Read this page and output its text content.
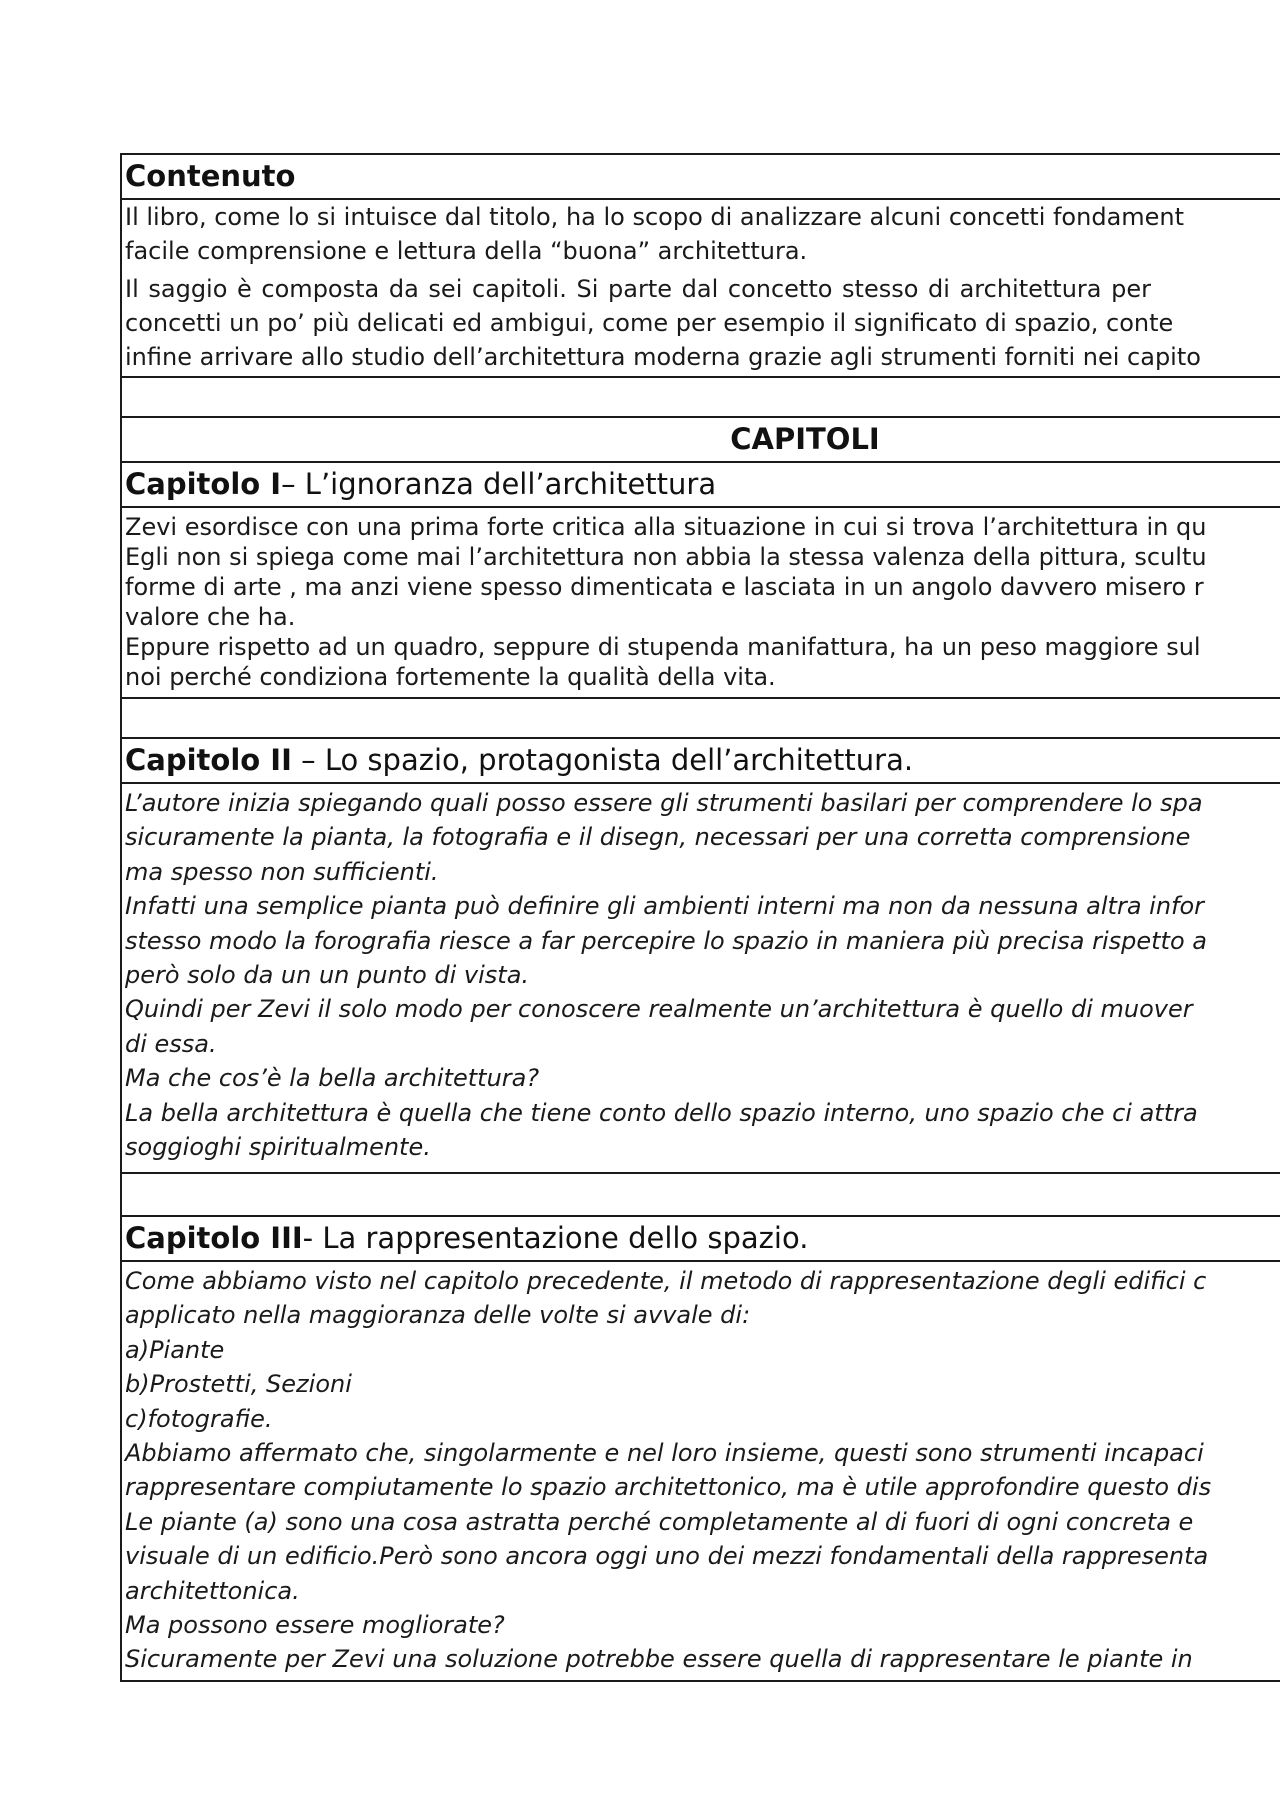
Contenuto

Il libro, come lo si intuisce dal titolo, ha lo scopo di analizzare alcuni concetti fondament

facile comprensione e lettura della “buona” architettura.

Il saggio è composta da sei capitoli. Si parte dal concetto stesso di architettura per

concetti un po’ più delicati ed ambigui, come per esempio il significato di spazio, conte

infine arrivare allo studio dell’architettura moderna grazie agli strumenti forniti nei capito

CAPITOLI
Capitolo I– L’ignoranza dell’architettura

Zevi esordisce con una prima forte critica alla situazione in cui si trova l’architettura in qu

Egli non si spiega come mai l’architettura non abbia la stessa valenza della pittura, scultu

forme di arte , ma anzi viene spesso dimenticata e lasciata in un angolo davvero misero r

valore che ha.

Eppure rispetto ad un quadro, seppure di stupenda manifattura, ha un peso maggiore sul

noi perché condiziona fortemente la qualità della vita.

Capitolo II – Lo spazio, protagonista dell’architettura.

L’autore inizia spiegando quali posso essere gli strumenti basilari per comprendere lo spa

sicuramente la pianta, la fotografia e il disegn, necessari per una corretta comprensione

ma spesso non sufficienti.

Infatti una semplice pianta può definire gli ambienti interni ma non da nessuna altra infor

stesso modo la forografia riesce a far percepire lo spazio in maniera più precisa rispetto a

però solo da un un punto di vista.

Quindi per Zevi il solo modo per conoscere realmente un’architettura è quello di muover

di essa.

Ma che cos’è la bella architettura?

La bella architettura è quella che tiene conto dello spazio interno, uno spazio che ci attra

soggioghi spiritualmente.

Capitolo III- La rappresentazione dello spazio.

Come abbiamo visto nel capitolo precedente, il metodo di rappresentazione degli edifici c

applicato nella maggioranza delle volte si avvale di:

a)Piante

b)Prostetti, Sezioni

c)fotografie.

Abbiamo affermato che, singolarmente e nel loro insieme, questi sono strumenti incapaci

rappresentare compiutamente lo spazio architettonico, ma è utile approfondire questo dis

Le piante (a) sono una cosa astratta perché completamente al di fuori di ogni concreta e

visuale di un edificio.Però sono ancora oggi uno dei mezzi fondamentali della rappresenta

architettonica.

Ma possono essere mogliorate?

Sicuramente per Zevi una soluzione potrebbe essere quella di rappresentare le piante in
